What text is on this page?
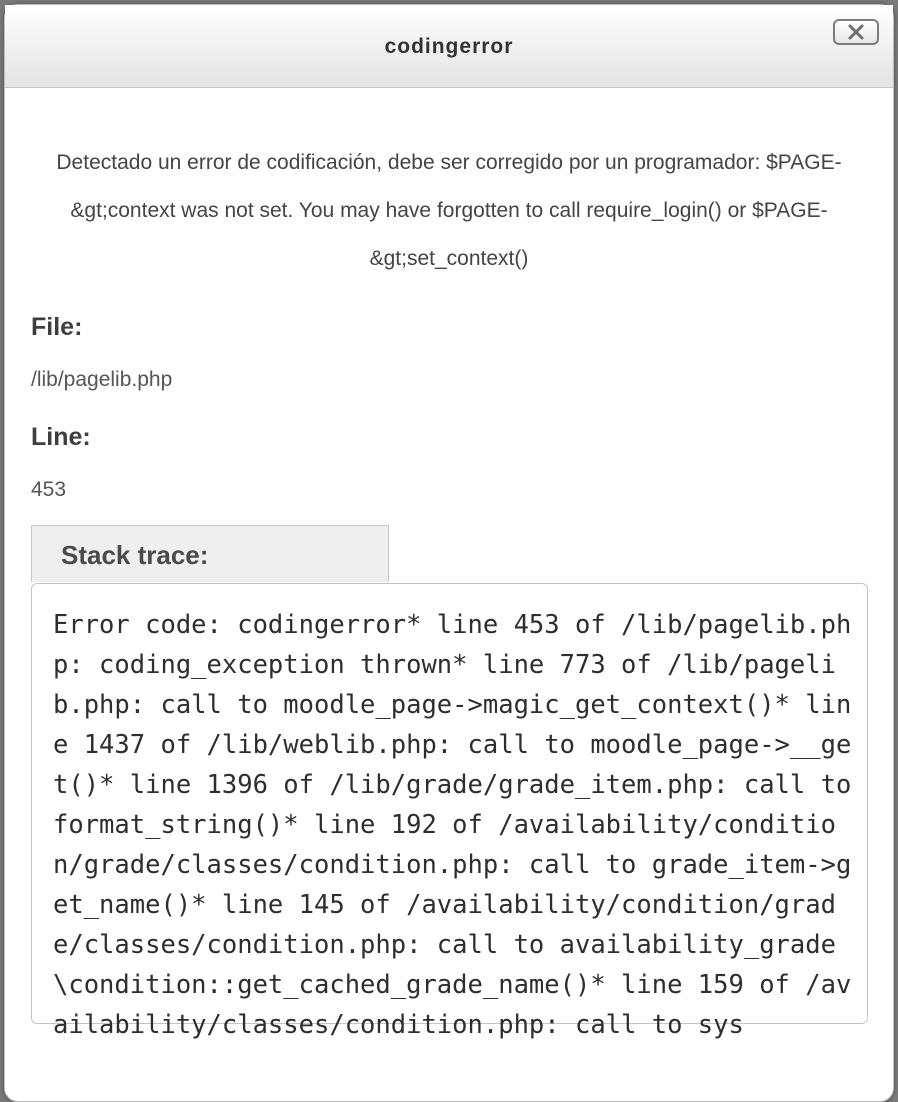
codingerror
Detectado un error de codificación, debe ser corregido por un programador: $PAGE-&gt;context was not set. You may have forgotten to call require_login() or $PAGE-&gt;set_context()
File:
/lib/pagelib.php
Line:
453
Stack trace:
Error code: codingerror* line 453 of /lib/pagelib.php: coding_exception thrown* line 773 of /lib/pagelib.php: call to moodle_page->magic_get_context()* line 1437 of /lib/weblib.php: call to moodle_page->__get()* line 1396 of /lib/grade/grade_item.php: call to format_string()* line 192 of /availability/condition/grade/classes/condition.php: call to grade_item->get_name()* line 145 of /availability/condition/grade/classes/condition.php: call to availability_grade\condition::get_cached_grade_name()* line 159 of /availability/classes/condition.php: call to sys
